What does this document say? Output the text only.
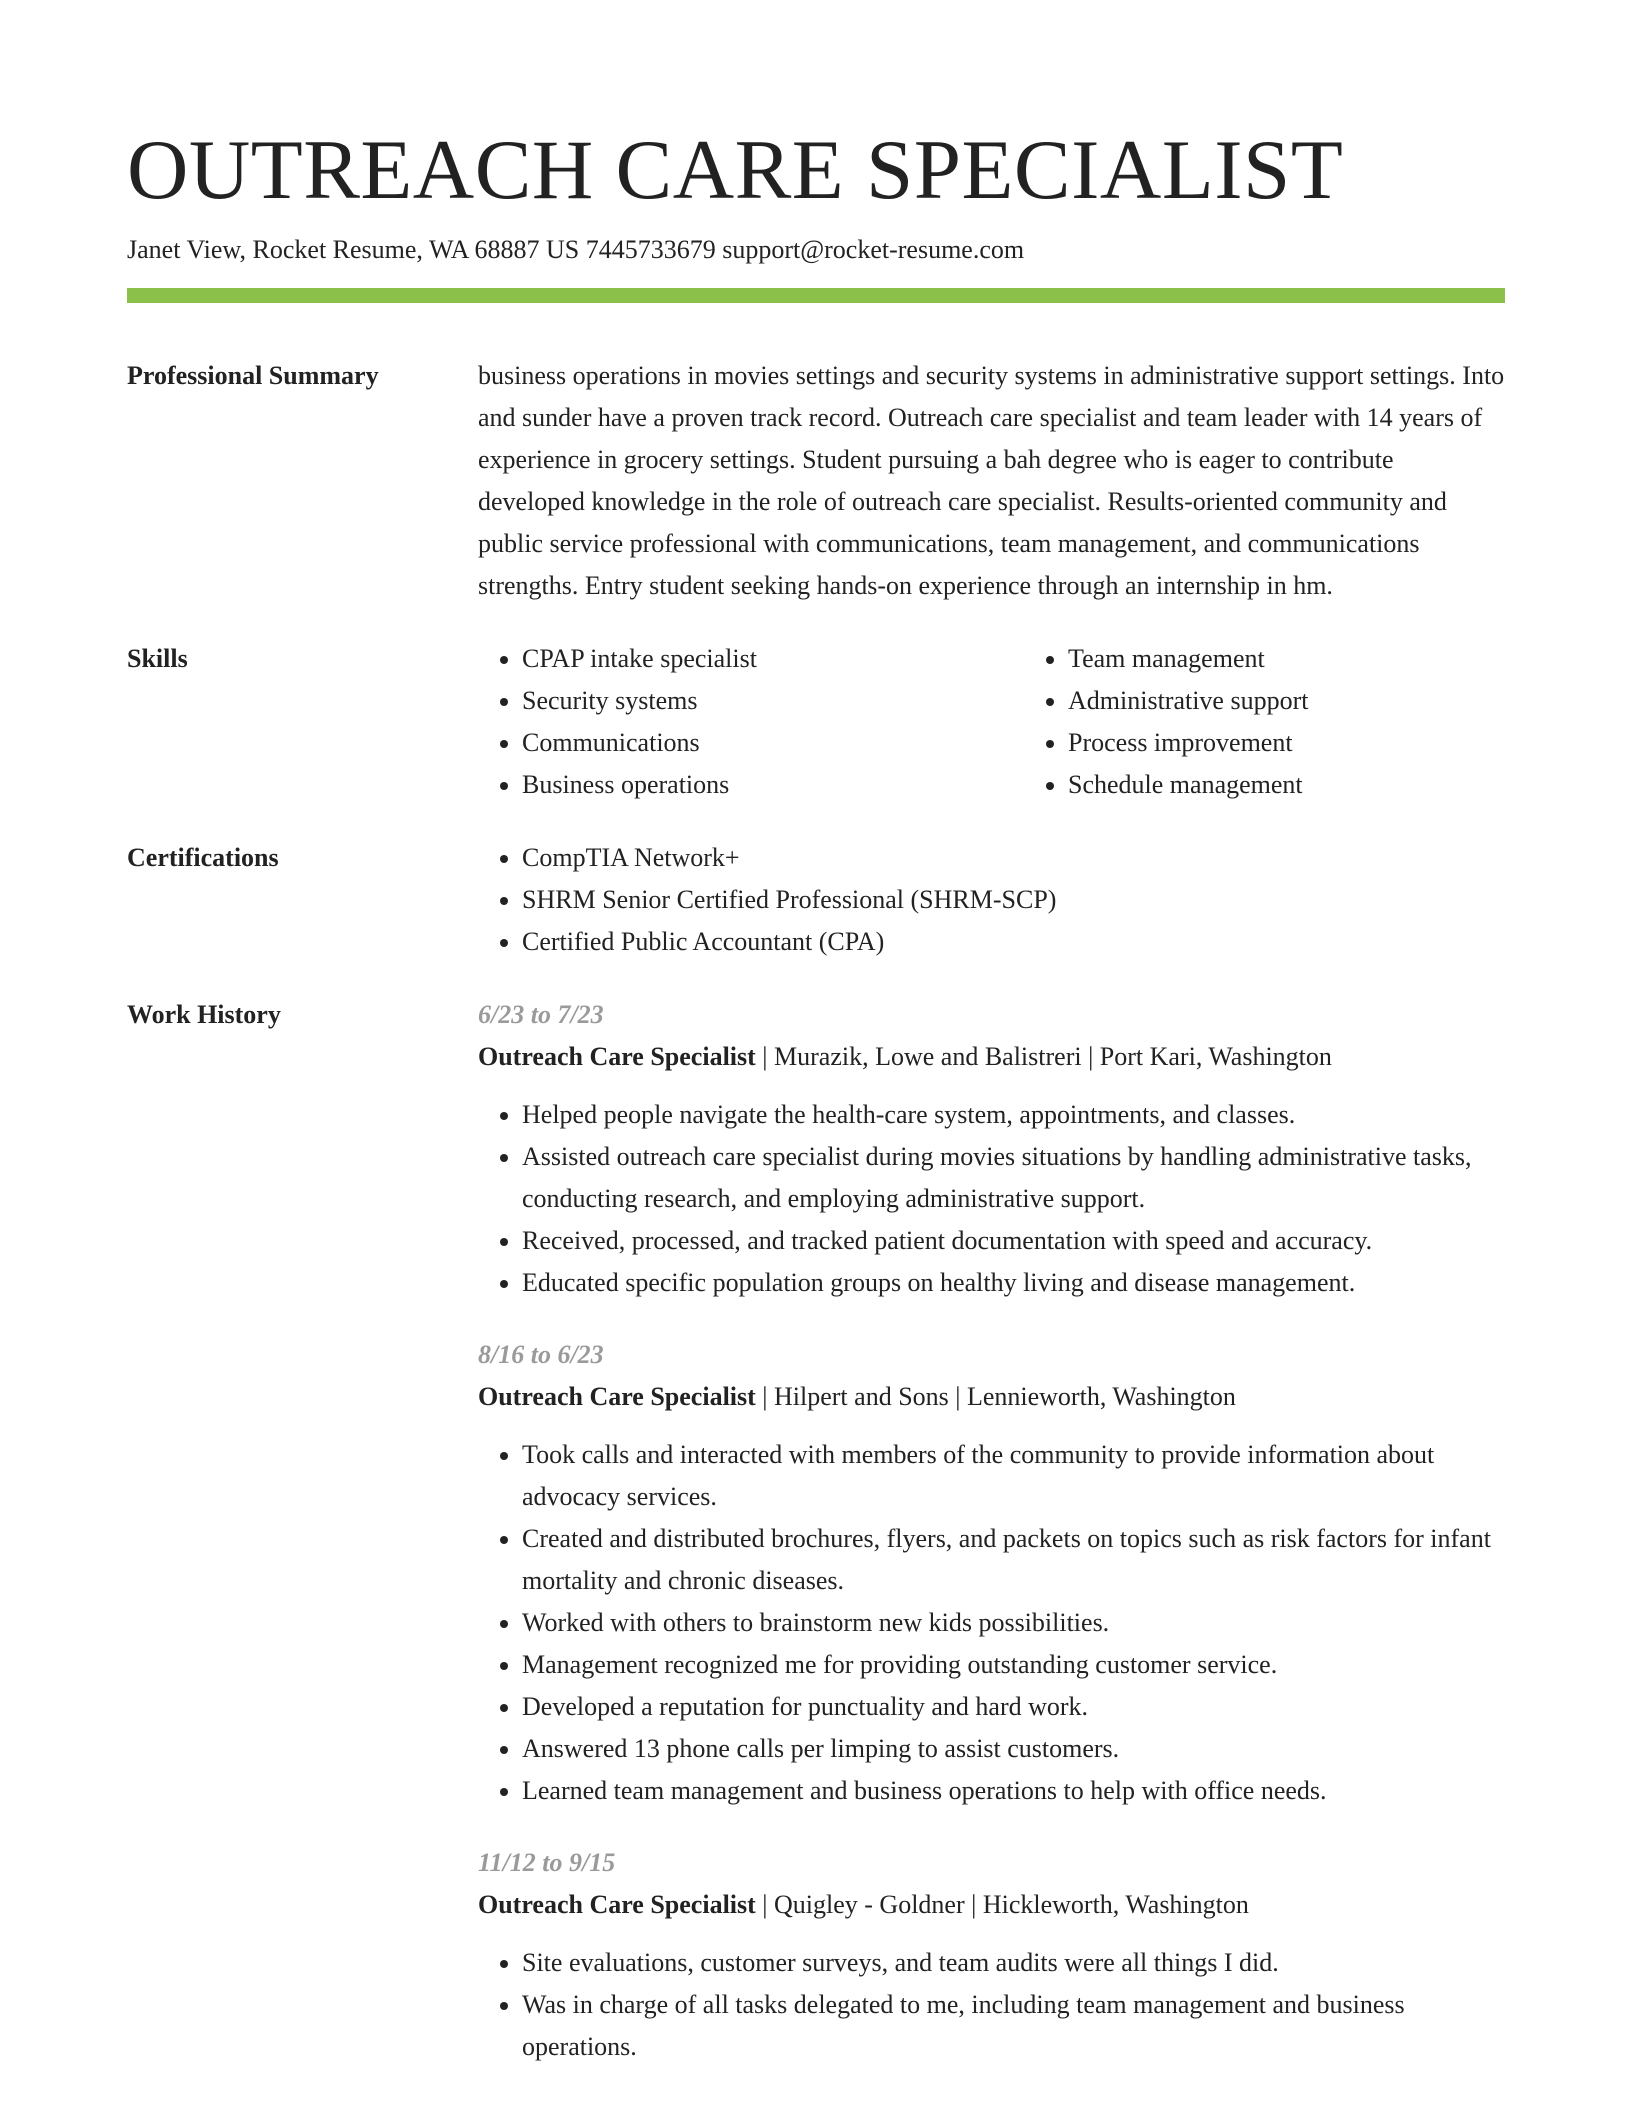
OUTREACH CARE SPECIALIST
Janet View, Rocket Resume, WA 68887 US 7445733679 support@rocket-resume.com
Professional Summary	business operations in movies settings and security systems in administrative support settings. Into and sunder have a proven track record. Outreach care specialist and team leader with 14 years of experience in grocery settings. Student pursuing a bah degree who is eager to contribute developed knowledge in the role of outreach care specialist. Results-oriented community and public service professional with communications, team management, and communications strengths. Entry student seeking hands-on experience through an internship in hm.

Skills	• CPAP intake specialist
• Security systems
• Communications
• Business operations
• Team management
• Administrative support
• Process improvement
• Schedule management
Certifications	• CompTIA Network+
• SHRM Senior Certified Professional (SHRM-SCP)
• Certified Public Accountant (CPA)
Work History	6/23 to 7/23
Outreach Care Specialist | Murazik, Lowe and Balistreri | Port Kari, Washington
• Helped people navigate the health-care system, appointments, and classes.
• Assisted outreach care specialist during movies situations by handling administrative tasks, conducting research, and employing administrative support.
• Received, processed, and tracked patient documentation with speed and accuracy.
• Educated specific population groups on healthy living and disease management.
8/16 to 6/23
Outreach Care Specialist | Hilpert and Sons | Lennieworth, Washington
• Took calls and interacted with members of the community to provide information about advocacy services.
• Created and distributed brochures, flyers, and packets on topics such as risk factors for infant mortality and chronic diseases.
• Worked with others to brainstorm new kids possibilities.
• Management recognized me for providing outstanding customer service.
• Developed a reputation for punctuality and hard work.
• Answered 13 phone calls per limping to assist customers.
• Learned team management and business operations to help with office needs.
11/12 to 9/15
Outreach Care Specialist | Quigley - Goldner | Hickleworth, Washington
• Site evaluations, customer surveys, and team audits were all things I did.
• Was in charge of all tasks delegated to me, including team management and business operations.
